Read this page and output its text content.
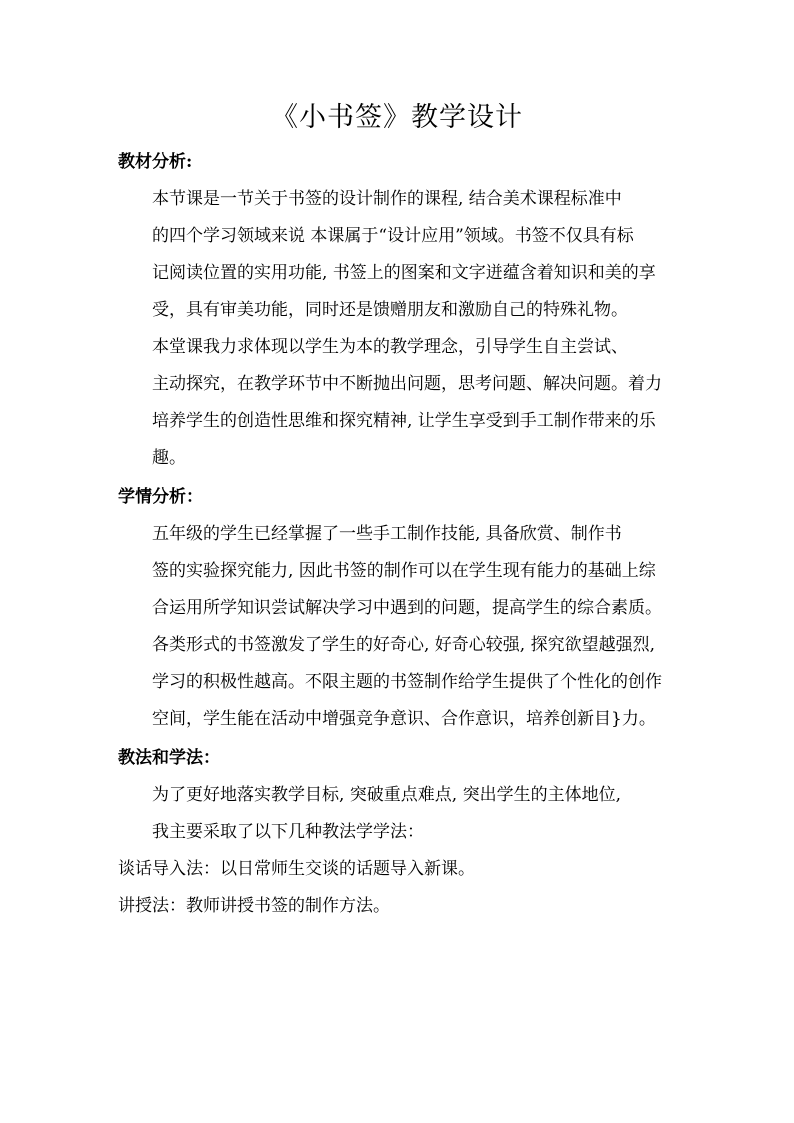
《小书签》教学设计
教材分析:
本节课是一节关于书签的设计制作的课程, 结合美术课程标准中
的四个学习领域来说 本课属于“设计应用”领域。书签不仅具有标
记阅读位置的实用功能, 书签上的图案和文字迸蕴含着知识和美的享
受，具有审美功能，同时还是馈赠朋友和激励自己的特殊礼物。
本堂课我力求体现以学生为本的教学理念，引导学生自主尝试、
主动探究，在教学环节中不断抛出问题，思考问题、解决问题。着力
培养学生的创造性思维和探究精神, 让学生享受到手工制作带来的乐
趣。
学情分析：
五年级的学生已经掌握了一些手工制作技能, 具备欣赏、制作书
签的实验探究能力, 因此书签的制作可以在学生现有能力的基础上综
合运用所学知识尝试解决学习中遇到的问题，提高学生的综合素质。
各类形式的书签激发了学生的好奇心, 好奇心较强, 探究欲望越强烈,
学习的积极性越高。不限主题的书签制作给学生提供了个性化的创作
空间，学生能在活动中增强竞争意识、合作意识，培养创新目}力。
教法和学法：
为了更好地落实教学目标, 突破重点难点, 突出学生的主体地位,
我主要采取了以下几种教法学学法：
谈话导入法：以日常师生交谈的话题导入新课。
讲授法：教师讲授书签的制作方法。
